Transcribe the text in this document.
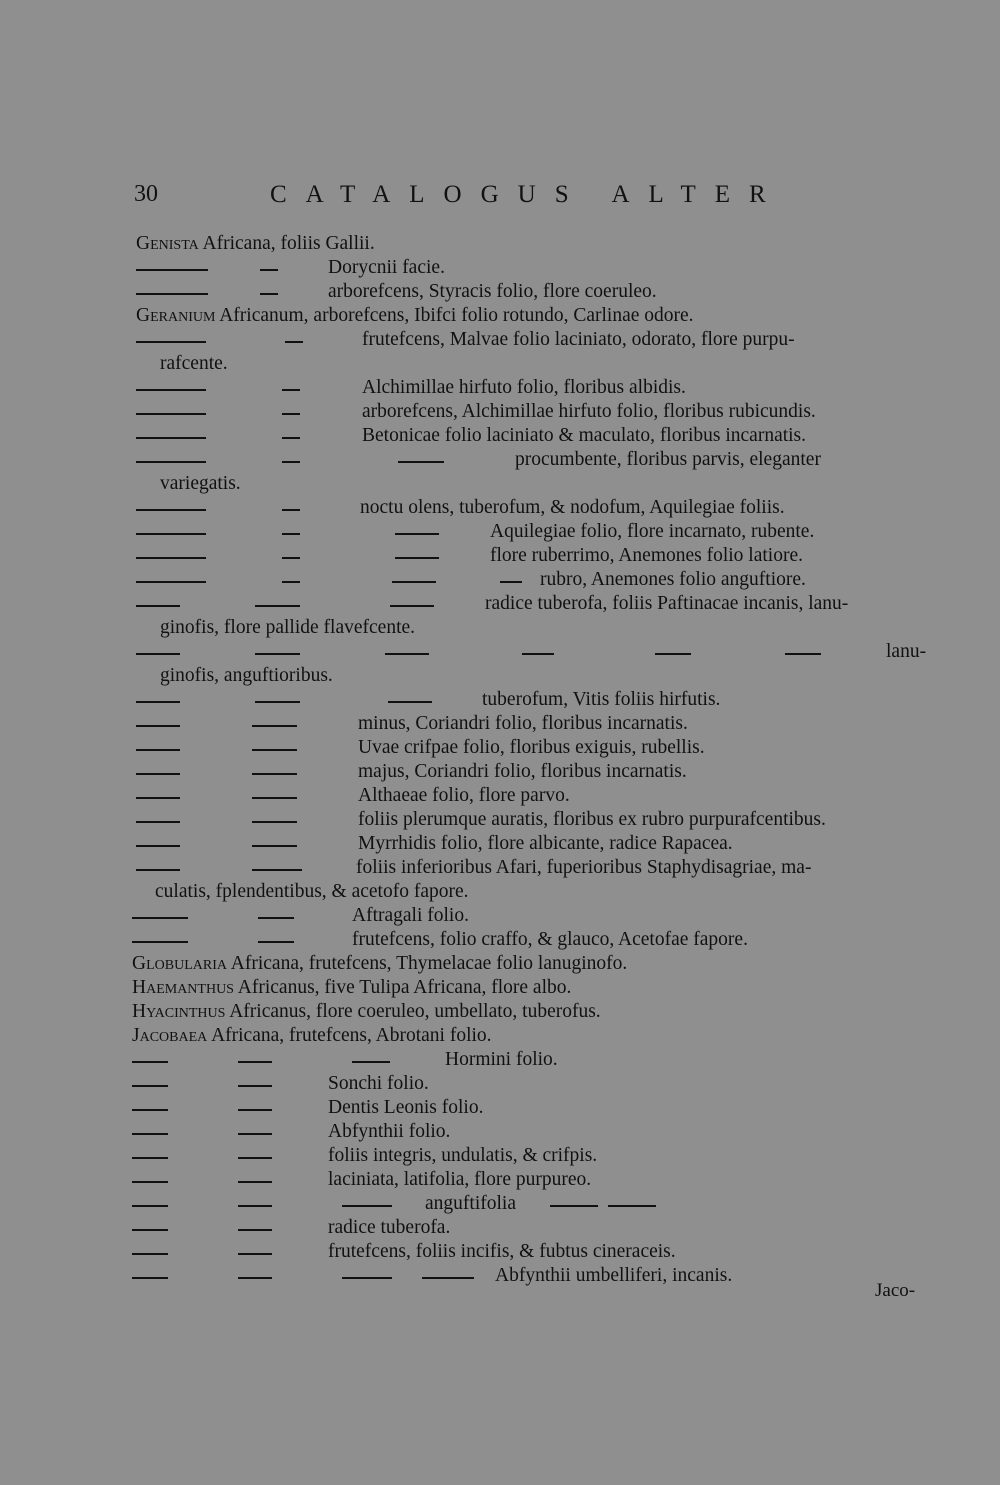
30	CATALOGUS ALTER
Genista Africana, foliis Gallii.
Dorycnii facie.
arborefcens, Styracis folio, flore coeruleo.
Geranium Africanum, arborefcens, Ibifci folio rotundo, Carlinae odore.
frutefcens, Malvae folio laciniato, odorato, flore purpu-
rafcente.
Alchimillae hirfuto folio, floribus albidis.
arborefcens, Alchimillae hirfuto folio, floribus rubicundis.
Betonicae folio laciniato & maculato, floribus incarnatis.
procumbente, floribus parvis, eleganter
variegatis.
noctu olens, tuberofum, & nodofum, Aquilegiae foliis.
Aquilegiae folio, flore incarnato, rubente.
flore ruberrimo, Anemones folio latiore.
rubro, Anemones folio anguftiore.
radice tuberofa, foliis Paftinacae incanis, lanu-
ginofis, flore pallide flavefcente.
lanu-
ginofis, anguftioribus.
tuberofum, Vitis foliis hirfutis.
minus, Coriandri folio, floribus incarnatis.
Uvae crifpae folio, floribus exiguis, rubellis.
majus, Coriandri folio, floribus incarnatis.
Althaeae folio, flore parvo.
foliis plerumque auratis, floribus ex rubro purpurafcentibus.
Myrrhidis folio, flore albicante, radice Rapacea.
foliis inferioribus Afari, fuperioribus Staphydisagriae, ma-
culatis, fplendentibus, & acetofo fapore.
Aftragali folio.
frutefcens, folio craffo, & glauco, Acetofae fapore.
Globularia Africana, frutefcens, Thymelacae folio lanuginofo.
Haemanthus Africanus, five Tulipa Africana, flore albo.
Hyacinthus Africanus, flore coeruleo, umbellato, tuberofus.
Jacobaea Africana, frutefcens, Abrotani folio.
Hormini folio.
Sonchi folio.
Dentis Leonis folio.
Abfynthii folio.
foliis integris, undulatis, & crifpis.
laciniata, latifolia, flore purpureo.
anguftifolia
radice tuberofa.
frutefcens, foliis incifis, & fubtus cineraceis.
Abfynthii umbelliferi, incanis.
Jaco-
